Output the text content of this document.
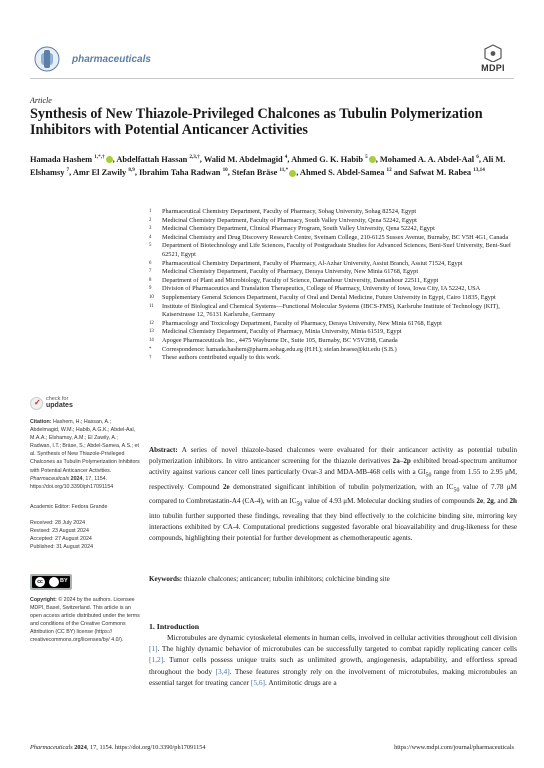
pharmaceuticals
MDPI
Article
Synthesis of New Thiazole-Privileged Chalcones as Tubulin Polymerization Inhibitors with Potential Anticancer Activities
Hamada Hashem $^{1,*,\dagger}$ , Abdelfattah Hassan $^{2,3,\dagger}$, Walid M. Abdelmagid $^4$, Ahmed G. K. Habib $^5$ , Mohamed A. A. Abdel-Aal $^6$, Ali M. Elshamsy $^7$, Amr El Zawily $^{8,9}$, Ibrahim Taha Radwan $^{10}$, Stefan Bräse $^{11,*}$ , Ahmed S. Abdel-Samea $^{12}$ and Safwat M. Rabea $^{13,14}$
1	Pharmaceutical Chemistry Department, Faculty of Pharmacy, Sohag University, Sohag 82524, Egypt
2	Medicinal Chemistry Department, Faculty of Pharmacy, South Valley University, Qena 52242, Egypt
3	Medicinal Chemistry Department, Clinical Pharmacy Program, South Valley University, Qena 52242, Egypt
4	Medicinal Chemistry and Drug Discovery Research Centre, Sveinam College, 210-6125 Sussex Avenue, Burnaby, BC V5H 4G1, Canada
5	Department of Biotechnology and Life Sciences, Faculty of Postgraduate Studies for Advanced Sciences, Beni-Suef University, Beni-Suef 62521, Egypt
6	Pharmaceutical Chemistry Department, Faculty of Pharmacy, Al-Azhar University, Assiut Branch, Assiut 71524, Egypt
7	Medicinal Chemistry Department, Faculty of Pharmacy, Deraya University, New Minia 61768, Egypt
8	Department of Plant and Microbiology, Faculty of Science, Damanhour University, Damanhour 22511, Egypt
9	Division of Pharmaceutics and Translation Therapeutics, College of Pharmacy, University of Iowa, Iowa City, IA 52242, USA
10	Supplementary General Sciences Department, Faculty of Oral and Dental Medicine, Future University in Egypt, Cairo 11835, Egypt
11	Institute of Biological and Chemical Systems—Functional Molecular Systems (IBCS-FMS), Karlsruhe Institute of Technology (KIT), Kaiserstrasse 12, 76131 Karlsruhe, Germany
12	Pharmacology and Toxicology Department, Faculty of Pharmacy, Deraya University, New Minia 61768, Egypt
13	Medicinal Chemistry Department, Faculty of Pharmacy, Minia University, Minia 61519, Egypt
14	Apogee Pharmaceuticals Inc., 4475 Wayburne Dr., Suite 105, Burnaby, BC V5V2H8, Canada
*	Correspondence: hamada.hashem@pharm.sohag.edu.eg (H.H.); stefan.braese@kit.edu (S.B.)
†	These authors contributed equally to this work.
✓ check for
updates
Citation: Hashem, H.; Hassan, A.; Abdelmagid, W.M.; Habib, A.G.K.; Abdel-Aal, M.A.A.; Elshamsy, A.M.; El Zawily, A.; Radwan, I.T.; Bräse, S.; Abdel-Samea, A.S.; et al. Synthesis of New Thiazole-Privileged Chalcones as Tubulin Polymerization Inhibitors with Potential Anticancer Activities. Pharmaceuticals 2024, 17, 1154. https://doi.org/10.3390/ph17091154
Academic Editor: Fedora Grande
Received: 28 July 2024
Revised: 23 August 2024
Accepted: 27 August 2024
Published: 31 August 2024
cc	BY
Copyright: © 2024 by the authors. Licensee MDPI, Basel, Switzerland. This article is an open access article distributed under the terms and conditions of the Creative Commons Attribution (CC BY) license (https:// creativecommons.org/licenses/by/ 4.0/).
Abstract: A series of novel thiazole-based chalcones were evaluated for their anticancer activity as potential tubulin polymerization inhibitors. In vitro anticancer screening for the thiazole derivatives 2a–2p exhibited broad-spectrum antitumor activity against various cancer cell lines particularly Ovar-3 and MDA-MB-468 cells with a $GI_{50}$ range from 1.55 to 2.95 μM, respectively. Compound 2e demonstrated significant inhibition of tubulin polymerization, with an $IC_{50}$ value of 7.78 μM compared to Combretastatin-A4 (CA-4), with an $IC_{50}$ value of 4.93 μM. Molecular docking studies of compounds 2e, 2g, and 2h into tubulin further supported these findings, revealing that they bind effectively to the colchicine binding site, mirroring key interactions exhibited by CA-4. Computational predictions suggested favorable oral bioavailability and drug-likeness for these compounds, highlighting their potential for further development as chemotherapeutic agents.
Keywords: thiazole chalcones; anticancer; tubulin inhibitors; colchicine binding site
1. Introduction
Microtubules are dynamic cytoskeletal elements in human cells, involved in cellular activities throughout cell division [1]. The highly dynamic behavior of microtubules can be successfully targeted to combat rapidly replicating cancer cells [1,2]. Tumor cells possess unique traits such as unlimited growth, angiogenesis, adaptability, and effortless spread throughout the body [3,4]. These features strongly rely on the involvement of microtubules, making microtubules an essential target for treating cancer [5,6]. Antimitotic drugs are a
Pharmaceuticals 2024, 17, 1154. https://doi.org/10.3390/ph17091154	https://www.mdpi.com/journal/pharmaceuticals
